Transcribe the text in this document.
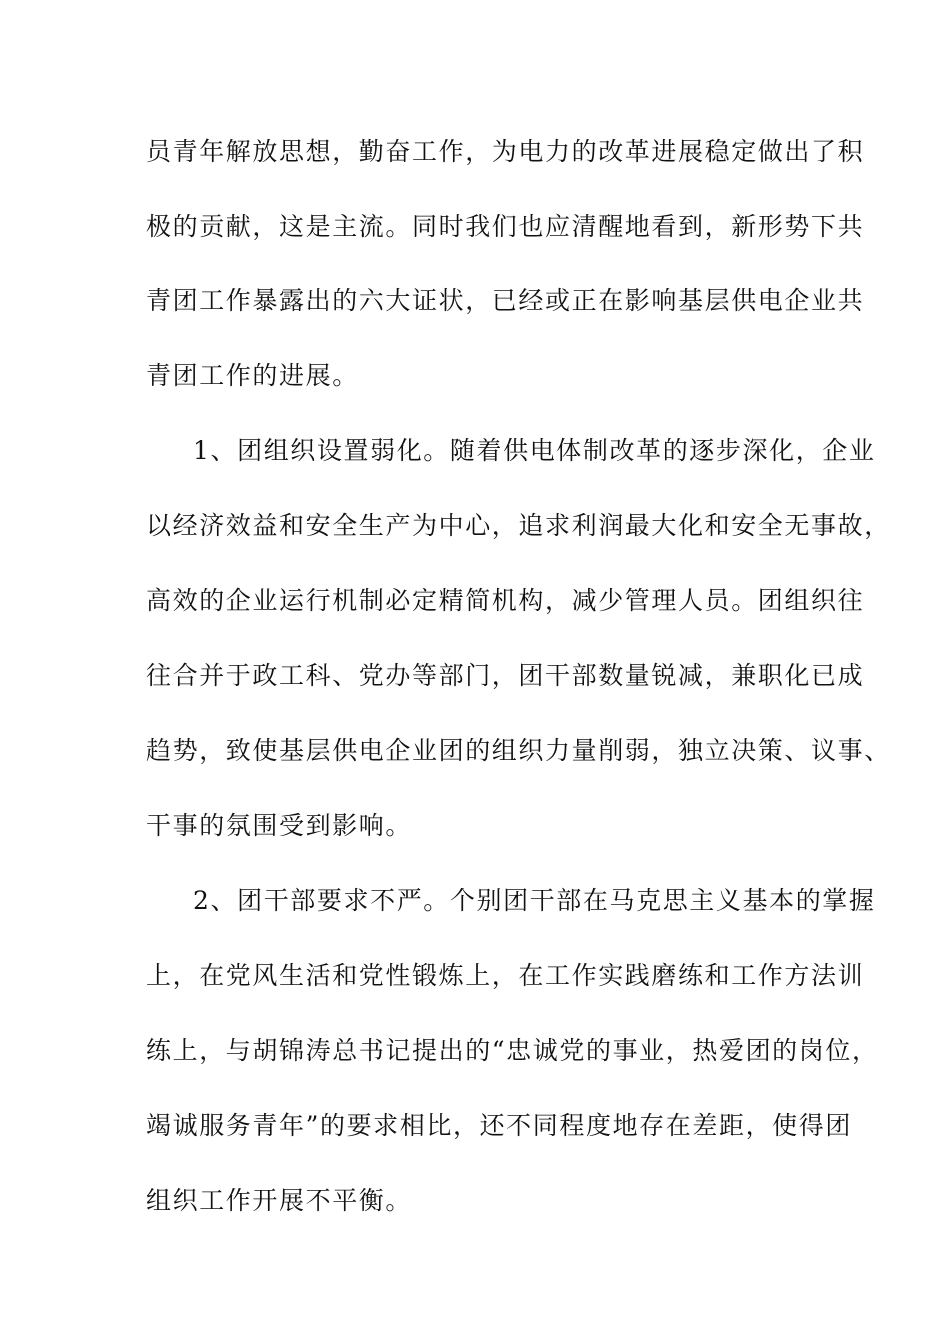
员青年解放思想，勤奋工作，为电力的改革进展稳定做出了积
极的贡献，这是主流。同时我们也应清醒地看到，新形势下共
青团工作暴露出的六大证状，已经或正在影响基层供电企业共
青团工作的进展。
1、团组织设置弱化。随着供电体制改革的逐步深化，企业
以经济效益和安全生产为中心，追求利润最大化和安全无事故，
高效的企业运行机制必定精简机构，减少管理人员。团组织往
往合并于政工科、党办等部门，团干部数量锐减，兼职化已成
趋势，致使基层供电企业团的组织力量削弱，独立决策、议事、
干事的氛围受到影响。
2、团干部要求不严。个别团干部在马克思主义基本的掌握
上，在党风生活和党性锻炼上，在工作实践磨练和工作方法训
练上，与胡锦涛总书记提出的“忠诚党的事业，热爱团的岗位，
竭诚服务青年”的要求相比，还不同程度地存在差距，使得团
组织工作开展不平衡。
